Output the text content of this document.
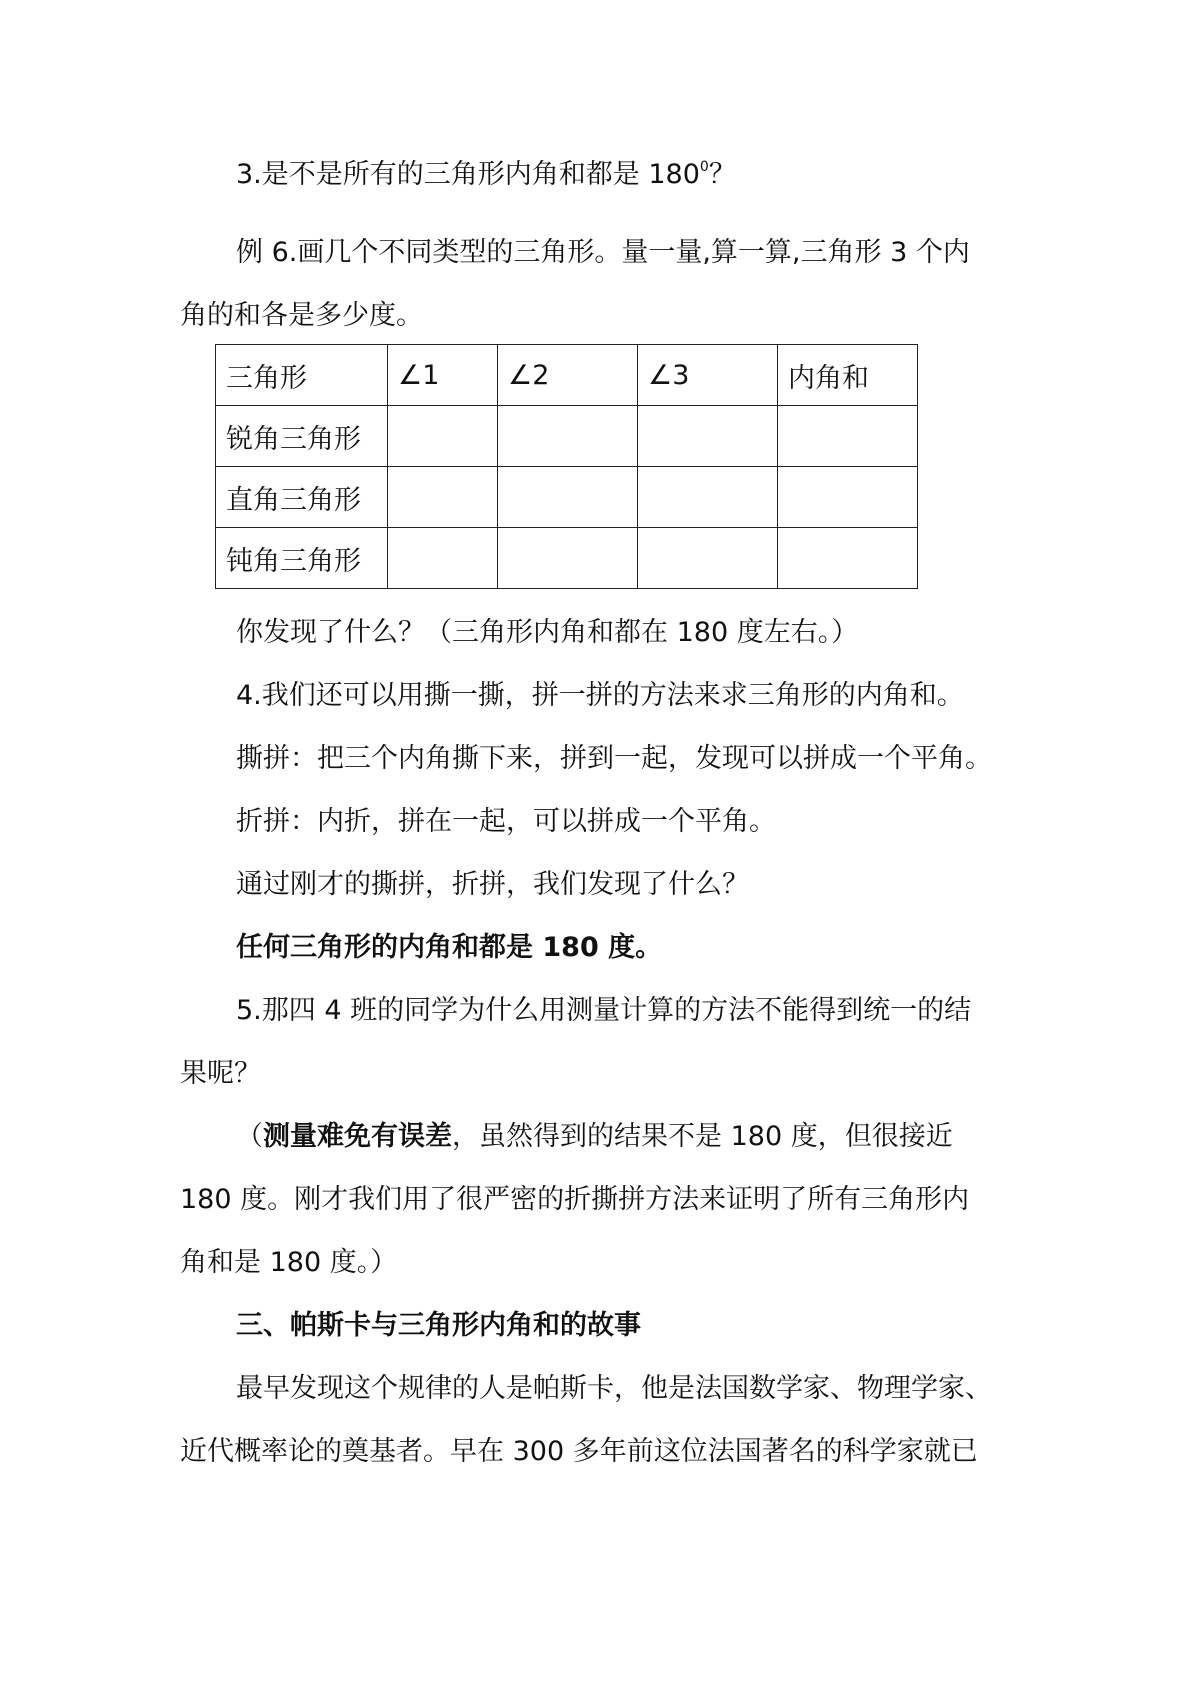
3.是不是所有的三角形内角和都是 $180^0$？
例 6.画几个不同类型的三角形。量一量,算一算,三角形 3 个内
角的和各是多少度。
三角形	∠1	∠2	∠3	内角和
锐角三角形				
直角三角形				
钝角三角形				
你发现了什么？（三角形内角和都在 180 度左右。）
4.我们还可以用撕一撕，拼一拼的方法来求三角形的内角和。
撕拼：把三个内角撕下来，拼到一起，发现可以拼成一个平角。
折拼：内折，拼在一起，可以拼成一个平角。
通过刚才的撕拼，折拼，我们发现了什么？
任何三角形的内角和都是 180 度。
5.那四 4 班的同学为什么用测量计算的方法不能得到统一的结
果呢？
（测量难免有误差，虽然得到的结果不是 180 度，但很接近
180 度。刚才我们用了很严密的折撕拼方法来证明了所有三角形内
角和是 180 度。）
三、帕斯卡与三角形内角和的故事
最早发现这个规律的人是帕斯卡，他是法国数学家、物理学家、
近代概率论的奠基者。早在 300 多年前这位法国著名的科学家就已
